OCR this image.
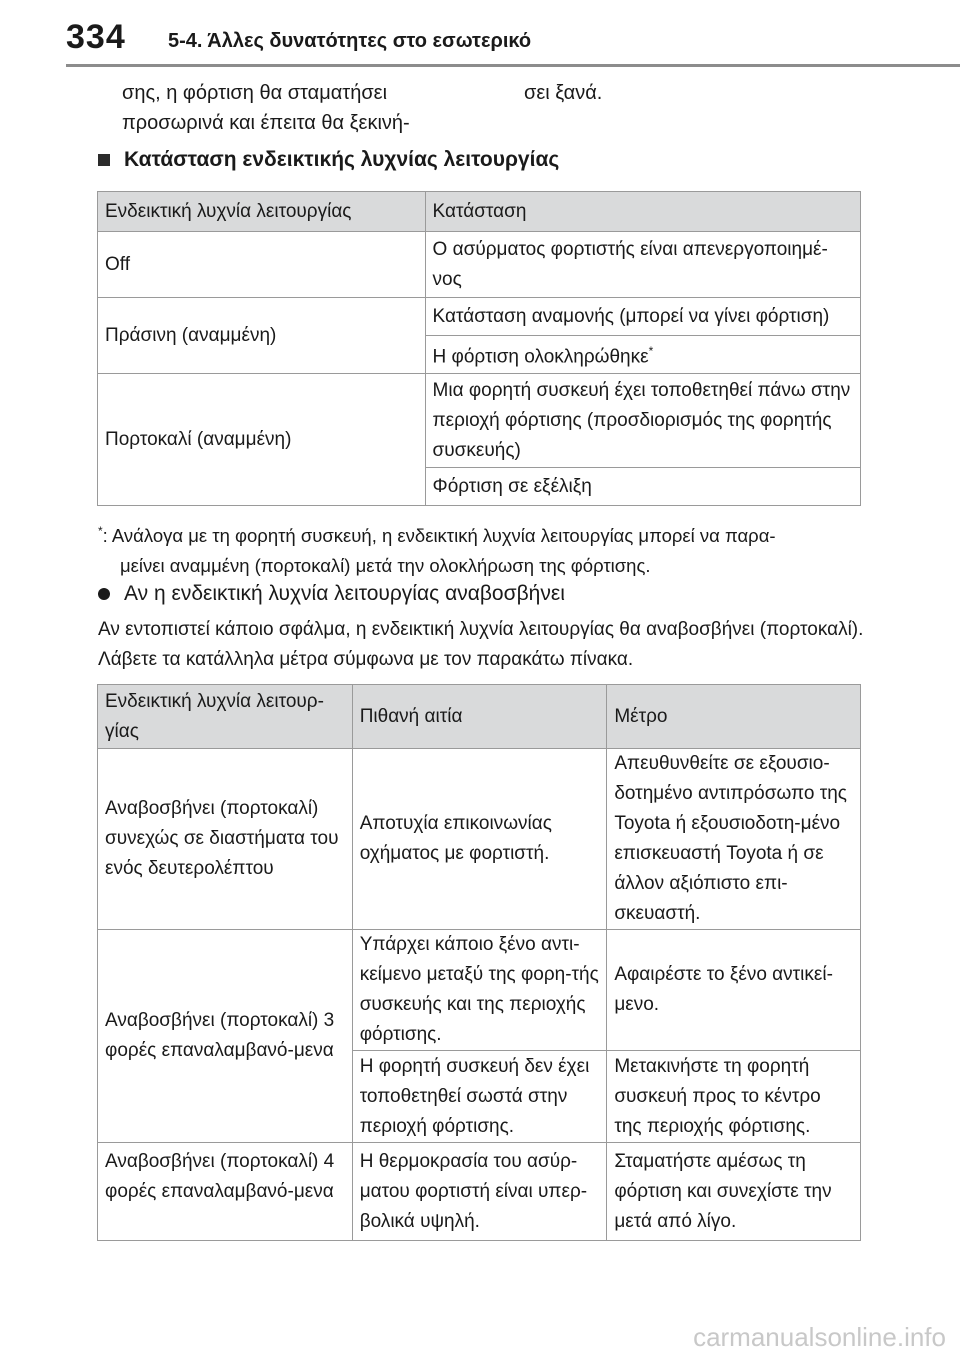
334 5-4. Άλλες δυνατότητες στο εσωτερικό
σης, η φόρτιση θα σταματήσει
προσωρινά και έπειτα θα ξεκινή-
σει ξανά.
Κατάσταση ενδεικτικής λυχνίας λειτουργίας
Ενδεικτική λυχνία λειτουργίας	Κατάσταση
Off	Ο ασύρματος φορτιστής είναι απενεργοποιημέ-νος
Πράσινη (αναμμένη)	Κατάσταση αναμονής (μπορεί να γίνει φόρτιση)
	Η φόρτιση ολοκληρώθηκε*
Πορτοκαλί (αναμμένη)	Μια φορητή συσκευή έχει τοποθετηθεί πάνω στην περιοχή φόρτισης (προσδιορισμός της φορητής συσκευής)
	Φόρτιση σε εξέλιξη
*: Ανάλογα με τη φορητή συσκευή, η ενδεικτική λυχνία λειτουργίας μπορεί να παρα-
μείνει αναμμένη (πορτοκαλί) μετά την ολοκλήρωση της φόρτισης.
Αν η ενδεικτική λυχνία λειτουργίας αναβοσβήνει
Αν εντοπιστεί κάποιο σφάλμα, η ενδεικτική λυχνία λειτουργίας θα αναβοσβήνει (πορτοκαλί). Λάβετε τα κατάλληλα μέτρα σύμφωνα με τον παρακάτω πίνακα.
Ενδεικτική λυχνία λειτουρ-γίας	Πιθανή αιτία	Μέτρο
Αναβοσβήνει (πορτοκαλί) συνεχώς σε διαστήματα του ενός δευτερολέπτου	Αποτυχία επικοινωνίας οχήματος με φορτιστή.	Απευθυνθείτε σε εξουσιο-δοτημένο αντιπρόσωπο της Toyota ή εξουσιοδοτη-μένο επισκευαστή Toyota ή σε άλλον αξιόπιστο επι-σκευαστή.
Αναβοσβήνει (πορτοκαλί) 3 φορές επαναλαμβανό-μενα	Υπάρχει κάποιο ξένο αντι-κείμενο μεταξύ της φορη-τής συσκευής και της περιοχής φόρτισης.	Αφαιρέστε το ξένο αντικεί-μενο.
	Η φορητή συσκευή δεν έχει τοποθετηθεί σωστά στην περιοχή φόρτισης.	Μετακινήστε τη φορητή συσκευή προς το κέντρο της περιοχής φόρτισης.
Αναβοσβήνει (πορτοκαλί) 4 φορές επαναλαμβανό-μενα	Η θερμοκρασία του ασύρ-ματου φορτιστή είναι υπερ-βολικά υψηλή.	Σταματήστε αμέσως τη φόρτιση και συνεχίστε την μετά από λίγο.
carmanualsonline.info
